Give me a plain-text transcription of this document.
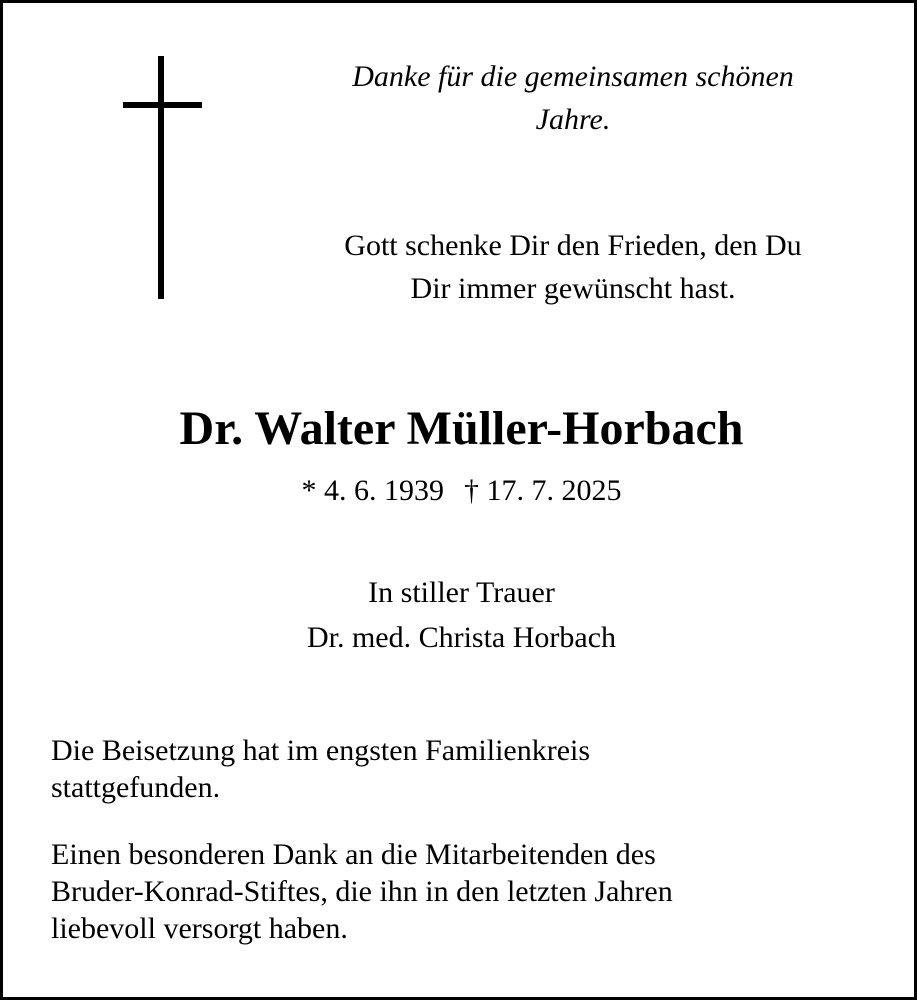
Danke für die gemeinsamen schönen
Jahre.
Gott schenke Dir den Frieden, den Du
Dir immer gewünscht hast.
Dr. Walter Müller-Horbach
* 4. 6. 1939 † 17. 7. 2025
In stiller Trauer
Dr. med. Christa Horbach
Die Beisetzung hat im engsten Familienkreis
stattgefunden.
Einen besonderen Dank an die Mitarbeitenden des
Bruder-Konrad-Stiftes, die ihn in den letzten Jahren
liebevoll versorgt haben.
